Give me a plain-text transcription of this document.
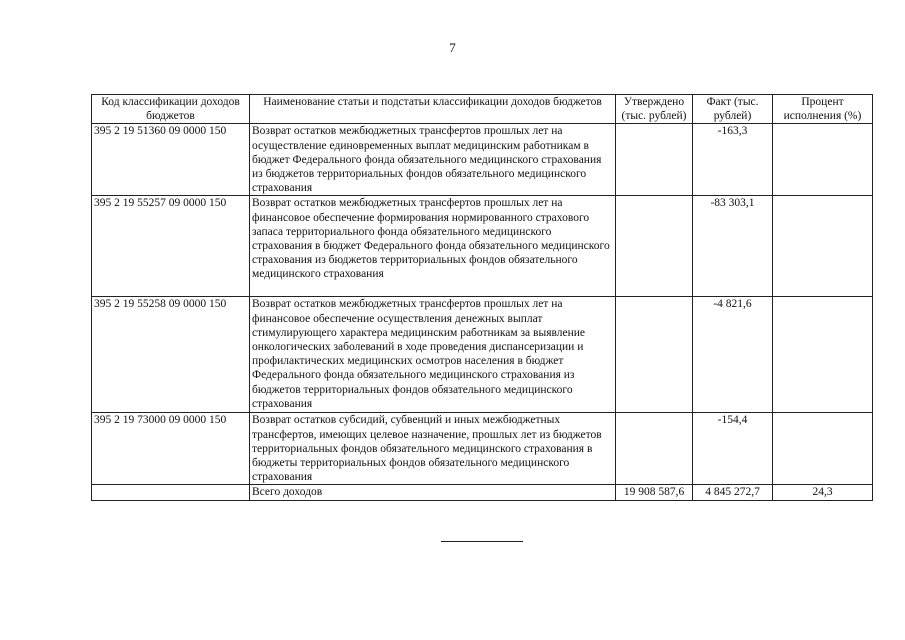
7
Код классификации доходов бюджетов	Наименование статьи и подстатьи классификации доходов бюджетов	Утверждено (тыс. рублей)	Факт (тыс. рублей)	Процент исполнения (%)
395 2 19 51360 09 0000 150	Возврат остатков межбюджетных трансфертов прошлых лет на осуществление единовременных выплат медицинским работникам в бюджет Федерального фонда обязательного медицинского страхования из бюджетов территориальных фондов обязательного медицинского страхования		-163,3	
395 2 19 55257 09 0000 150	Возврат остатков межбюджетных трансфертов прошлых лет на финансовое обеспечение формирования нормированного страхового запаса территориального фонда обязательного медицинского страхования в бюджет Федерального фонда обязательного медицинского страхования из бюджетов территориальных фондов обязательного медицинского страхования		-83 303,1	
395 2 19 55258 09 0000 150	Возврат остатков межбюджетных трансфертов прошлых лет на финансовое обеспечение осуществления денежных выплат стимулирующего характера медицинским работникам за выявление онкологических заболеваний в ходе проведения диспансеризации и профилактических медицинских осмотров населения в бюджет Федерального фонда обязательного медицинского страхования из бюджетов территориальных фондов обязательного медицинского страхования		-4 821,6	
395 2 19 73000 09 0000 150	Возврат остатков субсидий, субвенций и иных межбюджетных трансфертов, имеющих целевое назначение, прошлых лет из бюджетов территориальных фондов обязательного медицинского страхования в бюджеты территориальных фондов обязательного медицинского страхования		-154,4	
	Всего доходов	19 908 587,6	4 845 272,7	24,3
